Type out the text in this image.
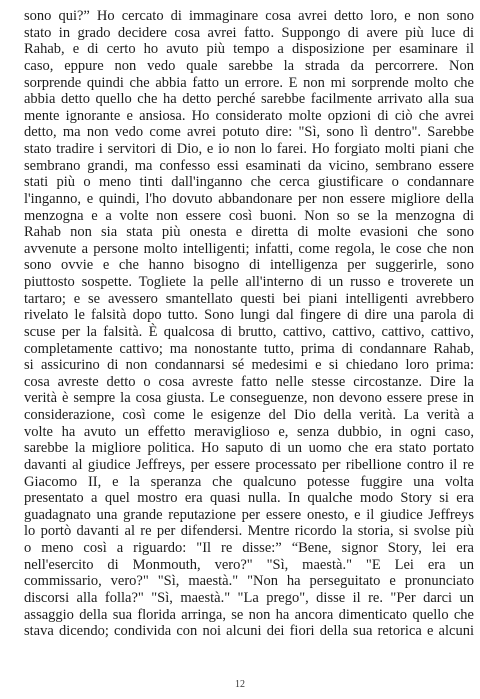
sono qui?” Ho cercato di immaginare cosa avrei detto loro, e non sono
stato in grado decidere cosa avrei fatto. Suppongo di avere più luce di
Rahab, e di certo ho avuto più tempo a disposizione per esaminare il
caso, eppure non vedo quale sarebbe la strada da percorrere. Non
sorprende quindi che abbia fatto un errore. E non mi sorprende molto che
abbia detto quello che ha detto perché sarebbe facilmente arrivato alla sua
mente ignorante e ansiosa. Ho considerato molte opzioni di ciò che avrei
detto, ma non vedo come avrei potuto dire: "Sì, sono lì dentro". Sarebbe
stato tradire i servitori di Dio, e io non lo farei. Ho forgiato molti piani che
sembrano grandi, ma confesso essi esaminati da vicino, sembrano essere
stati più o meno tinti dall'inganno che cerca giustificare o condannare
l'inganno, e quindi, l'ho dovuto abbandonare per non essere migliore della
menzogna e a volte non essere così buoni. Non so se la menzogna di
Rahab non sia stata più onesta e diretta di molte evasioni che sono
avvenute a persone molto intelligenti; infatti, come regola, le cose che non
sono ovvie e che hanno bisogno di intelligenza per suggerirle, sono
piuttosto sospette. Togliete la pelle all'interno di un russo e troverete un
tartaro; e se avessero smantellato questi bei piani intelligenti avrebbero
rivelato le falsità dopo tutto. Sono lungi dal fingere di dire una parola di
scuse per la falsità. È qualcosa di brutto, cattivo, cattivo, cattivo, cattivo,
completamente cattivo; ma nonostante tutto, prima di condannare Rahab,
si assicurino di non condannarsi sé medesimi e si chiedano loro prima:
cosa avreste detto o cosa avreste fatto nelle stesse circostanze. Dire la
verità è sempre la cosa giusta. Le conseguenze, non devono essere prese in
considerazione, così come le esigenze del Dio della verità. La verità a
volte ha avuto un effetto meraviglioso e, senza dubbio, in ogni caso,
sarebbe la migliore politica. Ho saputo di un uomo che era stato portato
davanti al giudice Jeffreys, per essere processato per ribellione contro il re
Giacomo II, e la speranza che qualcuno potesse fuggire una volta
presentato a quel mostro era quasi nulla. In qualche modo Story si era
guadagnato una grande reputazione per essere onesto, e il giudice Jeffreys
lo portò davanti al re per difendersi. Mentre ricordo la storia, si svolse più
o meno così a riguardo: "Il re disse:” “Bene, signor Story, lei era
nell'esercito di Monmouth, vero?" "Sì, maestà." "E Lei era un
commissario, vero?" "Sì, maestà." "Non ha perseguitato e pronunciato
discorsi alla folla?" "Sì, maestà." "La prego", disse il re. "Per darci un
assaggio della sua florida arringa, se non ha ancora dimenticato quello che
stava dicendo; condivida con noi alcuni dei fiori della sua retorica e alcuni
12
